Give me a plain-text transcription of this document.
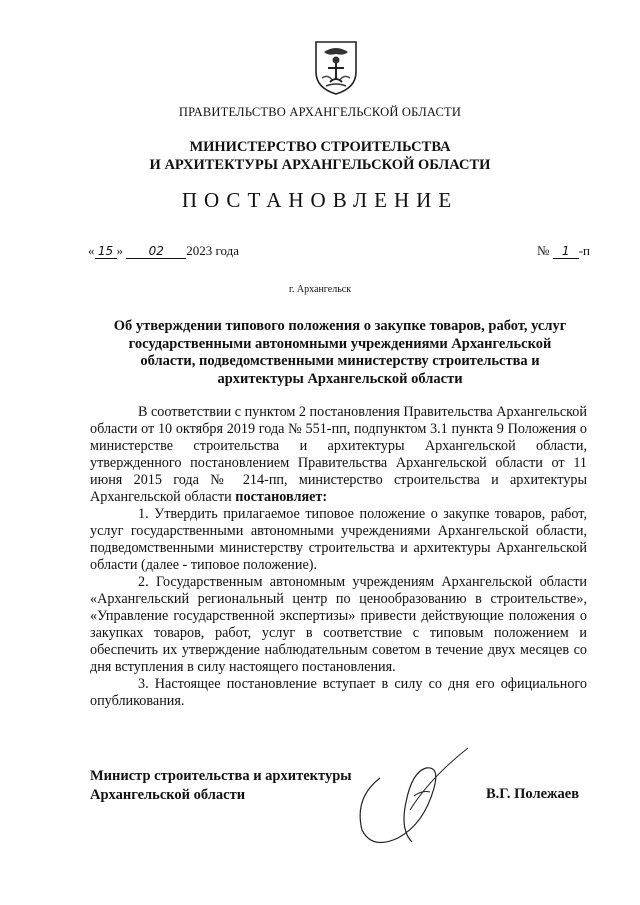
ПРАВИТЕЛЬСТВО АРХАНГЕЛЬСКОЙ ОБЛАСТИ
МИНИСТЕРСТВО СТРОИТЕЛЬСТВА
И АРХИТЕКТУРЫ АРХАНГЕЛЬСКОЙ ОБЛАСТИ
ПОСТАНОВЛЕНИЕ
« 15 » 02 2023 года	№ 1 -п
г. Архангельск
Об утверждении типового положения о закупке товаров, работ, услуг государственными автономными учреждениями Архангельской области, подведомственными министерству строительства и архитектуры Архангельской области

В соответствии с пунктом 2 постановления Правительства Архангельской области от 10 октября 2019 года № 551-пп, подпунктом 3.1 пункта 9 Положения о министерстве строительства и архитектуры Архангельской области, утвержденного постановлением Правительства Архангельской области от 11 июня 2015 года № 214-пп, министерство строительства и архитектуры Архангельской области постановляет:

1. Утвердить прилагаемое типовое положение о закупке товаров, работ, услуг государственными автономными учреждениями Архангельской области, подведомственными министерству строительства и архитектуры Архангельской области (далее - типовое положение).

2. Государственным автономным учреждениям Архангельской области «Архангельский региональный центр по ценообразованию в строительстве», «Управление государственной экспертизы» привести действующие положения о закупках товаров, работ, услуг в соответствие с типовым положением и обеспечить их утверждение наблюдательным советом в течение двух месяцев со дня вступления в силу настоящего постановления.

3. Настоящее постановление вступает в силу со дня его официального опубликования.

Министр строительства и архитектуры
Архангельской области	В.Г. Полежаев
